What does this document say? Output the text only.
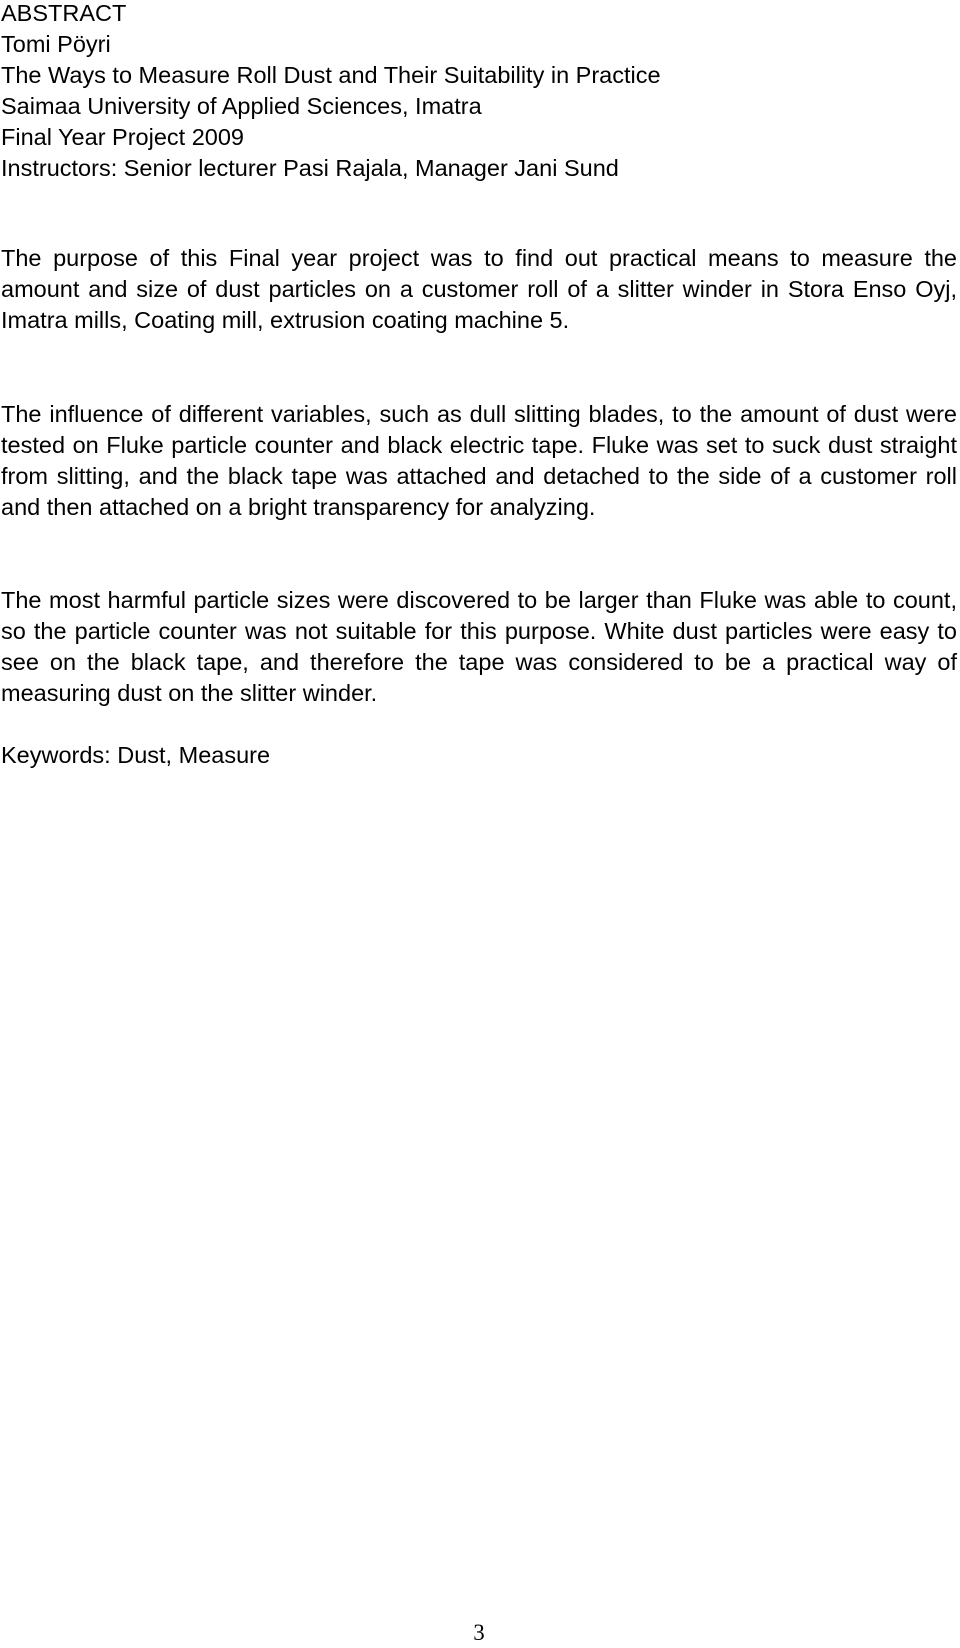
ABSTRACT
Tomi Pöyri
The Ways to Measure Roll Dust and Their Suitability in Practice
Saimaa University of Applied Sciences, Imatra
Final Year Project 2009
Instructors: Senior lecturer Pasi Rajala, Manager Jani Sund

The purpose of this Final year project was to find out practical means to measure the amount and size of dust particles on a customer roll of a slitter winder in Stora Enso Oyj, Imatra mills, Coating mill, extrusion coating machine 5.

The influence of different variables, such as dull slitting blades, to the amount of dust were tested on Fluke particle counter and black electric tape. Fluke was set to suck dust straight from slitting, and the black tape was attached and detached to the side of a customer roll and then attached on a bright transparency for analyzing.

The most harmful particle sizes were discovered to be larger than Fluke was able to count, so the particle counter was not suitable for this purpose. White dust particles were easy to see on the black tape, and therefore the tape was considered to be a practical way of measuring dust on the slitter winder.

Keywords: Dust, Measure
3
